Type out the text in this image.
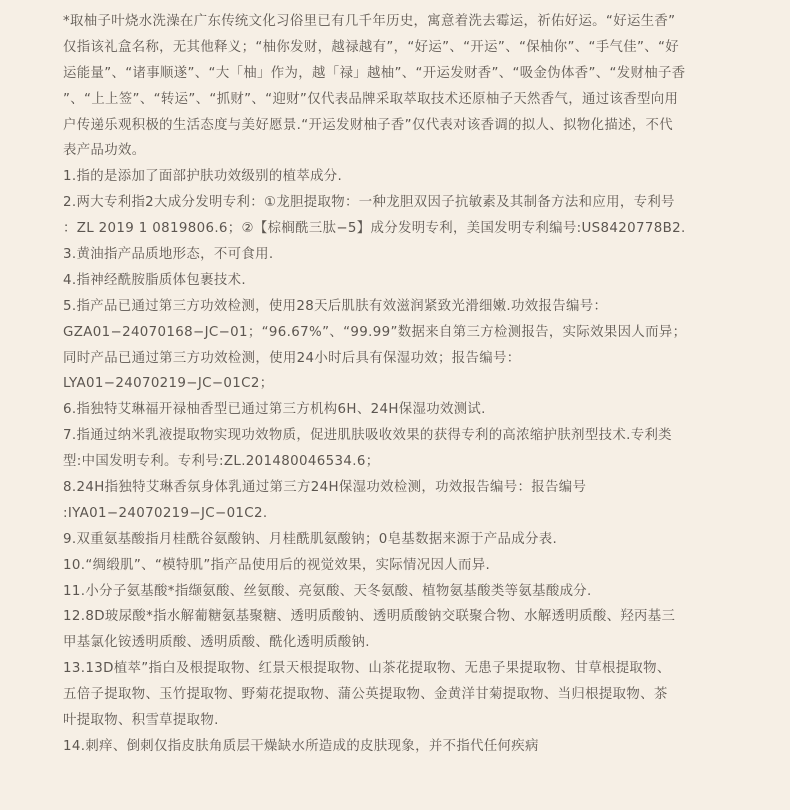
*取柚子叶烧水洗澡在广东传统文化习俗里已有几千年历史，寓意着洗去霉运，祈佑好运。“好运生香”
仅指该礼盒名称，无其他释义；“柚你发财，越禄越有”，“好运”、“开运”、“保柚你”、“手气佳”、“好
运能量”、“诸事顺遂”、“大「柚」作为，越「禄」越柚”、“开运发财香”、“吸金伪体香”、“发财柚子香
”、“上上签”、“转运”、“抓财”、“迎财”仅代表品牌采取萃取技术还原柚子天然香气，通过该香型向用
户传递乐观积极的生活态度与美好愿景.“开运发财柚子香”仅代表对该香调的拟人、拟物化描述，不代
表产品功效。
1.指的是添加了面部护肤功效级别的植萃成分.
2.两大专利指2大成分发明专利：①龙胆提取物：一种龙胆双因子抗敏素及其制备方法和应用，专利号
：ZL 2019 1 0819806.6；②【棕榈酰三肽−5】成分发明专利，美国发明专利编号:US8420778B2.
3.黄油指产品质地形态，不可食用.
4.指神经酰胺脂质体包裹技术.
5.指产品已通过第三方功效检测，使用28天后肌肤有效滋润紧致光滑细嫩.功效报告编号：
GZA01−24070168−JC−01；“96.67%”、“99.99”数据来自第三方检测报告，实际效果因人而异；
同时产品已通过第三方功效检测，使用24小时后具有保湿功效；报告编号：
LYA01−24070219−JC−01C2；
6.指独特艾琳福开禄柚香型已通过第三方机构6H、24H保湿功效测试.
7.指通过纳米乳液提取物实现功效物质，促进肌肤吸收效果的获得专利的高浓缩护肤剂型技术.专利类
型:中国发明专利。专利号:ZL.201480046534.6；
8.24H指独特艾琳香氛身体乳通过第三方24H保湿功效检测，功效报告编号：报告编号
:IYA01−24070219−JC−01C2.
9.双重氨基酸指月桂酰谷氨酸钠、月桂酰肌氨酸钠；0皂基数据来源于产品成分表.
10.“绸缎肌”、“模特肌”指产品使用后的视觉效果，实际情况因人而异.
11.小分子氨基酸*指缬氨酸、丝氨酸、亮氨酸、天冬氨酸、植物氨基酸类等氨基酸成分.
12.8D玻尿酸*指水解葡糖氨基聚糖、透明质酸钠、透明质酸钠交联聚合物、水解透明质酸、羟丙基三
甲基氯化铵透明质酸、透明质酸、酰化透明质酸钠.
13.13D植萃”指白及根提取物、红景天根提取物、山茶花提取物、无患子果提取物、甘草根提取物、
五倍子提取物、玉竹提取物、野菊花提取物、蒲公英提取物、金黄洋甘菊提取物、当归根提取物、茶
叶提取物、积雪草提取物.
14.刺痒、倒刺仅指皮肤角质层干燥缺水所造成的皮肤现象，并不指代任何疾病
